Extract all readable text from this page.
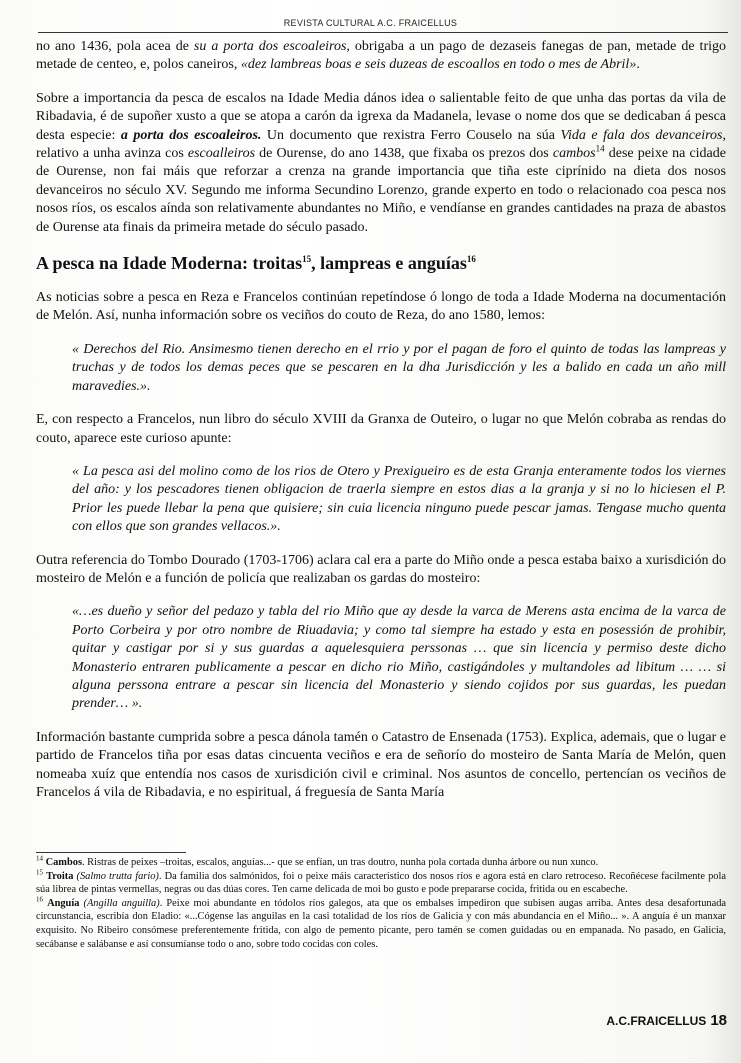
REVISTA CULTURAL A.C. FRAICELLUS

no ano 1436, pola acea de su a porta dos escoaleiros, obrigaba a un pago de dezaseis fanegas de pan, metade de trigo metade de centeo, e, polos caneiros, «dez lambreas boas e seis duzeas de escoallos en todo o mes de Abril».

Sobre a importancia da pesca de escalos na Idade Media dános idea o salientable feito de que unha das portas da vila de Ribadavia, é de supoñer xusto a que se atopa a carón da igrexa da Madanela, levase o nome dos que se dedicaban á pesca desta especie: a porta dos escoaleiros. Un documento que rexistra Ferro Couselo na súa Vida e fala dos devanceiros, relativo a unha avinza cos escoalleiros de Ourense, do ano 1438, que fixaba os prezos dos cambos$^{14}$ dese peixe na cidade de Ourense, non fai máis que reforzar a crenza na grande importancia que tiña este ciprínido na dieta dos nosos devanceiros no século XV. Segundo me informa Secundino Lorenzo, grande experto en todo o relacionado coa pesca nos nosos ríos, os escalos aínda son relativamente abundantes no Miño, e vendíanse en grandes cantidades na praza de abastos de Ourense ata finais da primeira metade do século pasado.

A pesca na Idade Moderna: troitas$^{15}$, lampreas e anguías$^{16}$

As noticias sobre a pesca en Reza e Francelos continúan repetíndose ó longo de toda a Idade Moderna na documentación de Melón. Así, nunha información sobre os veciños do couto de Reza, do ano 1580, lemos:

« Derechos del Rio. Ansimesmo tienen derecho en el rrio y por el pagan de foro el quinto de todas las lampreas y truchas y de todos los demas peces que se pescaren en la dha Jurisdicción y les a balido en cada un año mill maravedies.».

E, con respecto a Francelos, nun libro do século XVIII da Granxa de Outeiro, o lugar no que Melón cobraba as rendas do couto, aparece este curioso apunte:

« La pesca asi del molino como de los rios de Otero y Prexigueiro es de esta Granja enteramente todos los viernes del año: y los pescadores tienen obligacion de traerla siempre en estos dias a la granja y si no lo hiciesen el P. Prior les puede llebar la pena que quisiere; sin cuia licencia ninguno puede pescar jamas. Tengase mucho quenta con ellos que son grandes vellacos.».

Outra referencia do Tombo Dourado (1703-1706) aclara cal era a parte do Miño onde a pesca estaba baixo a xurisdición do mosteiro de Melón e a función de policía que realizaban os gardas do mosteiro:

«…es dueño y señor del pedazo y tabla del rio Miño que ay desde la varca de Merens asta encima de la varca de Porto Corbeira y por otro nombre de Riuadavia; y como tal siempre ha estado y esta en posessión de prohibir, quitar y castigar por si y sus guardas a aquelesquiera perssonas … que sin licencia y permiso deste dicho Monasterio entraren publicamente a pescar en dicho rio Miño, castigándoles y multandoles ad libitum … … si alguna perssona entrare a pescar sin licencia del Monasterio y siendo cojidos por sus guardas, les puedan prender… ».

Información bastante cumprida sobre a pesca dánola tamén o Catastro de Ensenada (1753). Explica, ademais, que o lugar e partido de Francelos tiña por esas datas cincuenta veciños e era de señorío do mosteiro de Santa María de Melón, quen nomeaba xuíz que entendía nos casos de xurisdición civil e criminal. Nos asuntos de concello, pertencían os veciños de Francelos á vila de Ribadavia, e no espiritual, á freguesía de Santa María

$^{14}$ Cambos. Ristras de peixes –troitas, escalos, anguías...- que se enfían, un tras doutro, nunha pola cortada dunha árbore ou nun xunco.

$^{15}$ Troita (Salmo trutta fario). Da familia dos salmónidos, foi o peixe máis característico dos nosos ríos e agora está en claro retroceso. Recoñécese facilmente pola súa librea de pintas vermellas, negras ou das dúas cores. Ten carne delicada de moi bo gusto e pode prepararse cocida, fritida ou en escabeche.

$^{16}$ Anguía (Angilla anguilla). Peixe moi abundante en tódolos ríos galegos, ata que os embalses impediron que subisen augas arriba. Antes desa desafortunada circunstancia, escribía don Eladio: «...Cógense las anguilas en la casi totalidad de los ríos de Galicia y con más abundancia en el Miño... ». A anguía é un manxar exquisito. No Ribeiro consómese preferentemente fritida, con algo de pemento picante, pero tamén se comen guidadas ou en empanada. No pasado, en Galicia, secábanse e salábanse e así consumíanse todo o ano, sobre todo cocidas con coles.

A.C.FRAICELLUS 18
